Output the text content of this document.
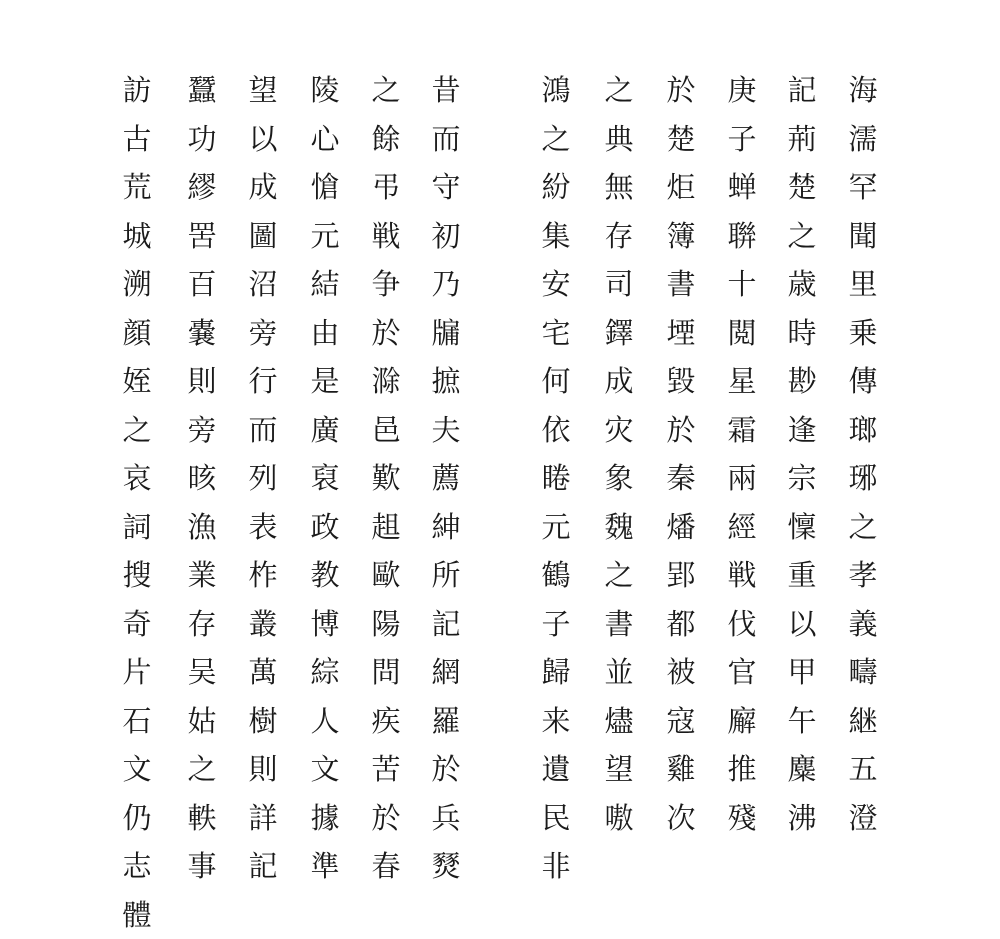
海濡罕聞里乗傳瑯琊之孝義疇継五澄
記荊楚之歳時尠逢宗懍重以甲午麋沸
庚子蝉聨十閲星霜兩經戦伐官廨推殘
於楚炬簿書堙毀於秦燔郢都被寇雞次
之典無存司鐸成灾象魏之書並燼望嗷
鴻之紛集安宅何依睠元鶴子歸来遺民非
昔而守初乃牖摭夫薦紳所記網羅於兵燹
之餘弔戦争於滁邑歎趄歐陽問疾苦於春
陵心愴元結由是廣裒政教博綜人文據準
望以成圖沼旁行而列表柞叢萬樹則詳記
蠶功繆罟百嚢則旁晐漁業存吴姑之軼事
訪古荒城溯顔姪之哀詞搜奇片石文仍志體
